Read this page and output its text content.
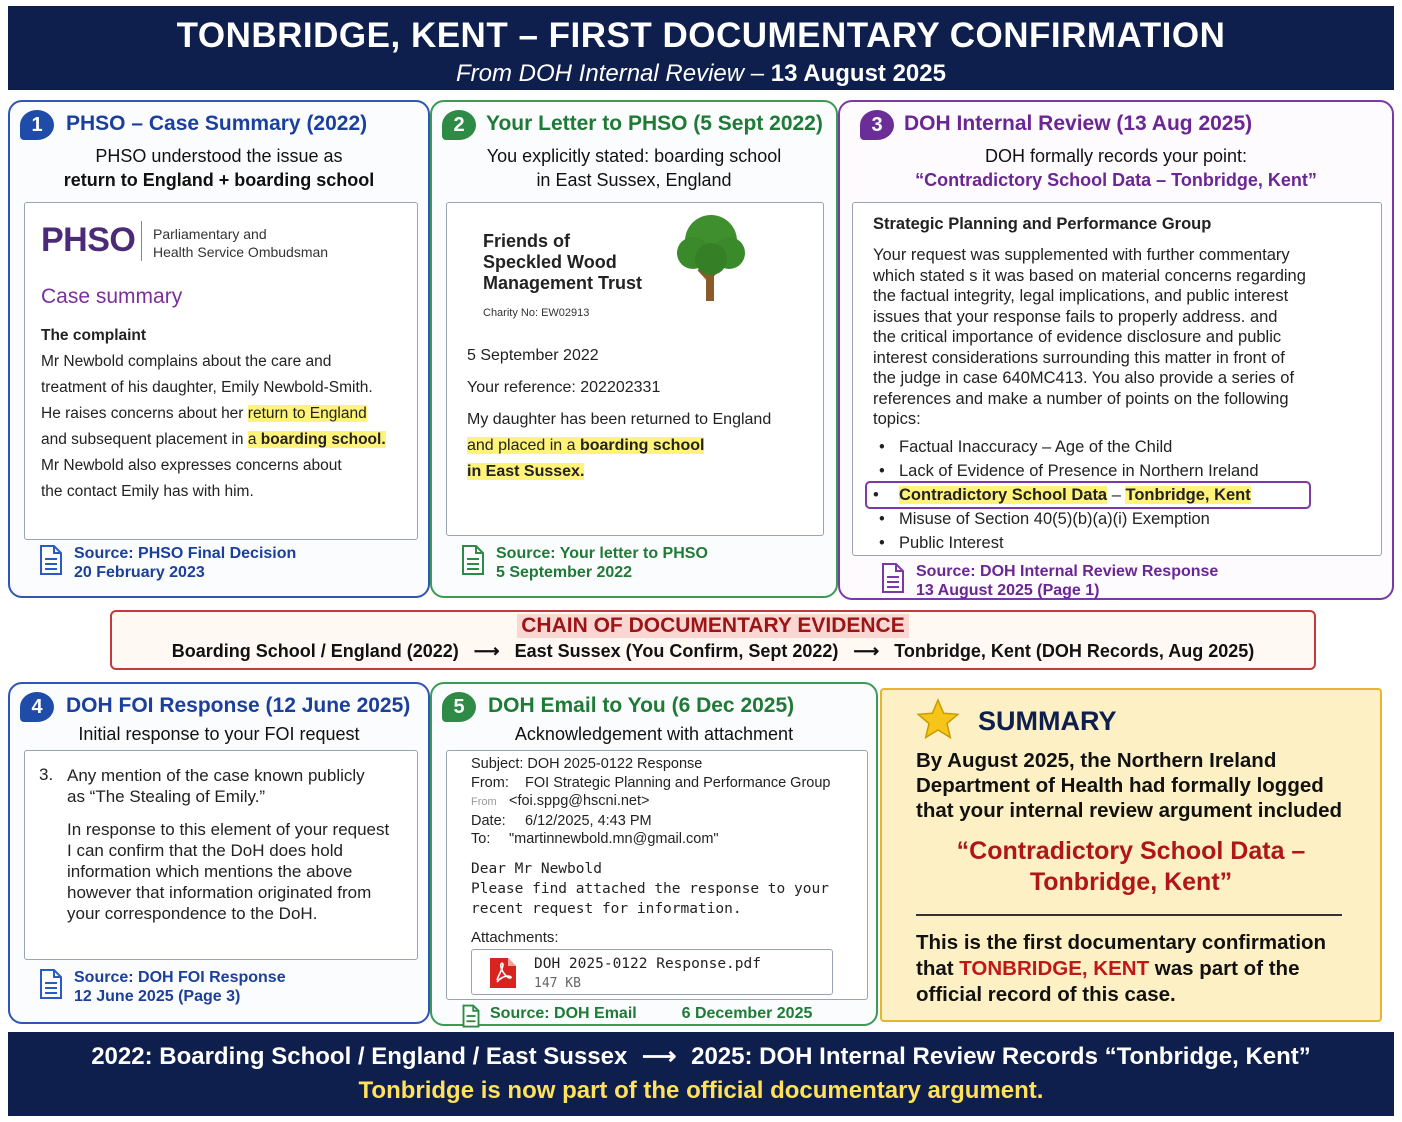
TONBRIDGE, KENT – FIRST DOCUMENTARY CONFIRMATION
From DOH Internal Review – 13 August 2025
1	PHSO – Case Summary (2022)
PHSO understood the issue as
return to England + boarding school
PHSO Parliamentary and
Health Service Ombudsman
Case summary
The complaint
Mr Newbold complains about the care and
treatment of his daughter, Emily Newbold-Smith.
He raises concerns about her return to England
and subsequent placement in a boarding school.
Mr Newbold also expresses concerns about
the contact Emily has with him.
Source: PHSO Final Decision
20 February 2023
2	Your Letter to PHSO (5 Sept 2022)
You explicitly stated: boarding school
in East Sussex, England
Friends of
Speckled Wood
Management Trust
Charity No: EW02913
5 September 2022
Your reference: 202202331
My daughter has been returned to England
and placed in a boarding school
in East Sussex.
Source: Your letter to PHSO
5 September 2022
3	DOH Internal Review (13 Aug 2025)
DOH formally records your point:
“Contradictory School Data – Tonbridge, Kent”
Strategic Planning and Performance Group
Your request was supplemented with further commentary
which stated s it was based on material concerns regarding
the factual integrity, legal implications, and public interest
issues that your response fails to properly address. and
the critical importance of evidence disclosure and public
interest considerations surrounding this matter in front of
the judge in case 640MC413. You also provide a series of
references and make a number of points on the following
topics:
• Factual Inaccuracy – Age of the Child
• Lack of Evidence of Presence in Northern Ireland
• Contradictory School Data – Tonbridge, Kent
• Misuse of Section 40(5)(b)(a)(i) Exemption
• Public Interest
Source: DOH Internal Review Response
13 August 2025 (Page 1)
CHAIN OF DOCUMENTARY EVIDENCE
Boarding School / England (2022) ⟶ East Sussex (You Confirm, Sept 2022) ⟶ Tonbridge, Kent (DOH Records, Aug 2025)
4	DOH FOI Response (12 June 2025)
Initial response to your FOI request
3. Any mention of the case known publicly
as “The Stealing of Emily.”
In response to this element of your request
I can confirm that the DoH does hold
information which mentions the above
however that information originated from
your correspondence to the DoH.
Source: DOH FOI Response
12 June 2025 (Page 3)
5	DOH Email to You (6 Dec 2025)
Acknowledgement with attachment
Subject: DOH 2025-0122 Response
From: FOI Strategic Planning and Performance Group
From <foi.sppg@hscni.net>
Date: 6/12/2025, 4:43 PM
To: "martinnewbold.mn@gmail.com"
Dear Mr Newbold
Please find attached the response to your
recent request for information.
Attachments:
DOH 2025-0122 Response.pdf
147 KB
Source: DOH Email	6 December 2025
SUMMARY
By August 2025, the Northern Ireland
Department of Health had formally logged
that your internal review argument included
“Contradictory School Data –
Tonbridge, Kent”
This is the first documentary confirmation
that TONBRIDGE, KENT was part of the
official record of this case.
2022: Boarding School / England / East Sussex ⟶ 2025: DOH Internal Review Records “Tonbridge, Kent”
Tonbridge is now part of the official documentary argument.
